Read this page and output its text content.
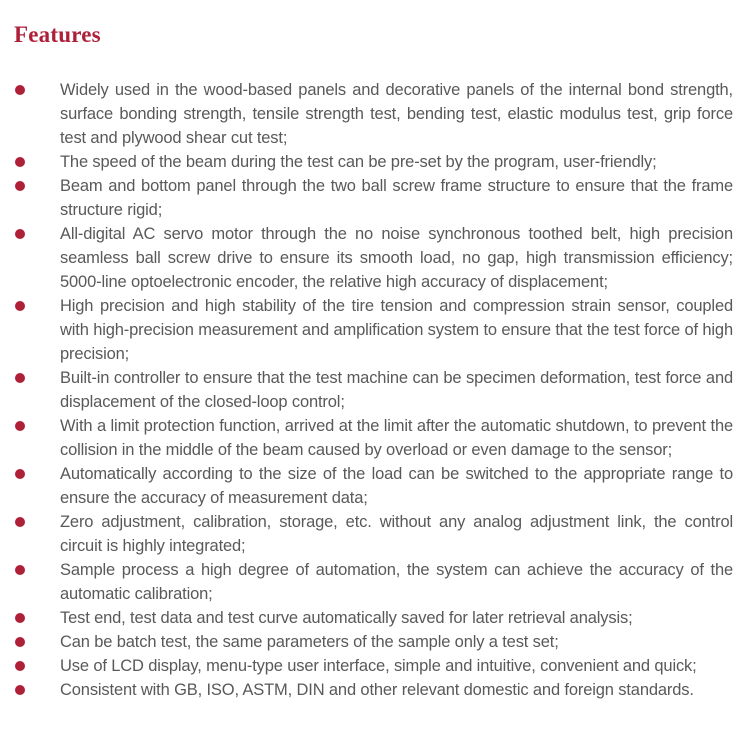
Features
Widely used in the wood-based panels and decorative panels of the internal bond strength, surface bonding strength, tensile strength test, bending test, elastic modulus test, grip force test and plywood shear cut test;
The speed of the beam during the test can be pre-set by the program, user-friendly;
Beam and bottom panel through the two ball screw frame structure to ensure that the frame structure rigid;
All-digital AC servo motor through the no noise synchronous toothed belt, high precision seamless ball screw drive to ensure its smooth load, no gap, high transmission efficiency; 5000-line optoelectronic encoder, the relative high accuracy of displacement;
High precision and high stability of the tire tension and compression strain sensor, coupled with high-precision measurement and amplification system to ensure that the test force of high precision;
Built-in controller to ensure that the test machine can be specimen deformation, test force and displacement of the closed-loop control;
With a limit protection function, arrived at the limit after the automatic shutdown, to prevent the collision in the middle of the beam caused by overload or even damage to the sensor;
Automatically according to the size of the load can be switched to the appropriate range to ensure the accuracy of measurement data;
Zero adjustment, calibration, storage, etc. without any analog adjustment link, the control circuit is highly integrated;
Sample process a high degree of automation, the system can achieve the accuracy of the automatic calibration;
Test end, test data and test curve automatically saved for later retrieval analysis;
Can be batch test, the same parameters of the sample only a test set;
Use of LCD display, menu-type user interface, simple and intuitive, convenient and quick;
Consistent with GB, ISO, ASTM, DIN and other relevant domestic and foreign standards.
